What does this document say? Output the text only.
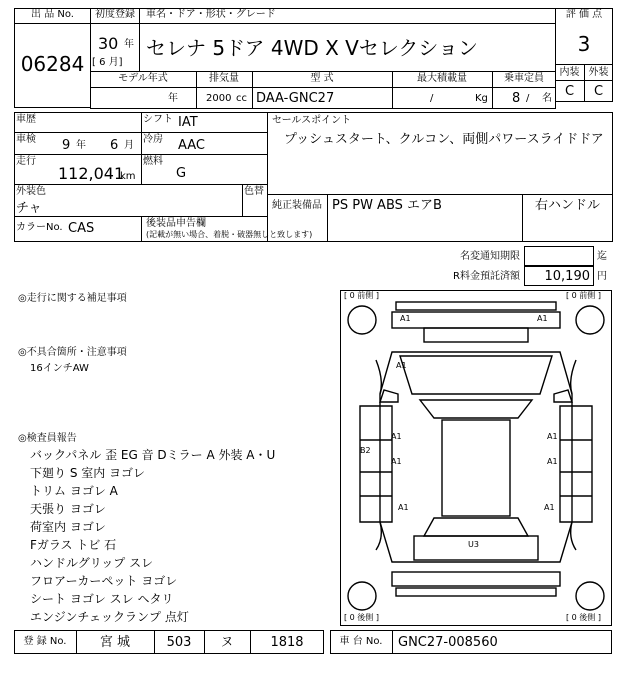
出 品 No.
06284
初度登録
30 年
[ 6 月]
車名・ドア・形状・グレード
セレナ 5ドア 4WD X Vセレクション
評 価 点
3
内装 外装
C	C
モデル年式
年
排気量
2000 cc
型 式
DAA-GNC27
最大積載量
/	Kg
乗車定員
8 / 名
車歴	シフト IAT
車検 9 年 6 月
冷房 AAC
走行
112,041
km
燃料
G
セールスポイント
プッシュスタート、クルコン、両側パワースライドドア
外装色
チャ
色替
カラーNo. CAS	後装品申告欄
(記載が無い場合、着脱・破器無しと致します)
純正装備品 PS PW ABS エアB	右ハンドル
名変通知期限	迄
R料金預託済額	10,190 円
◎走行に関する補足事項
◎不具合箇所・注意事項
16インチAW
◎検査員報告
バックパネル 歪 EG 音 Dミラー A 外装 A・U
下廻り S 室内 ヨゴレ
トリム ヨゴレ A
天張り ヨゴレ
荷室内 ヨゴレ
Fガラス トビ 石
ハンドルグリップ スレ
フロアーカーペット ヨゴレ
シート ヨゴレ スレ ヘタリ
エンジンチェックランプ 点灯
[ 0 前側 ]	[ 0 前側 ]
[ 0 後側 ]	[ 0 後側 ]
A1	A1
A1
B2
A1
A1
A1
A1
A1	A1
U3
登 録 No.	宮 城	503	ヌ	1818	車 台 No.	GNC27-008560
